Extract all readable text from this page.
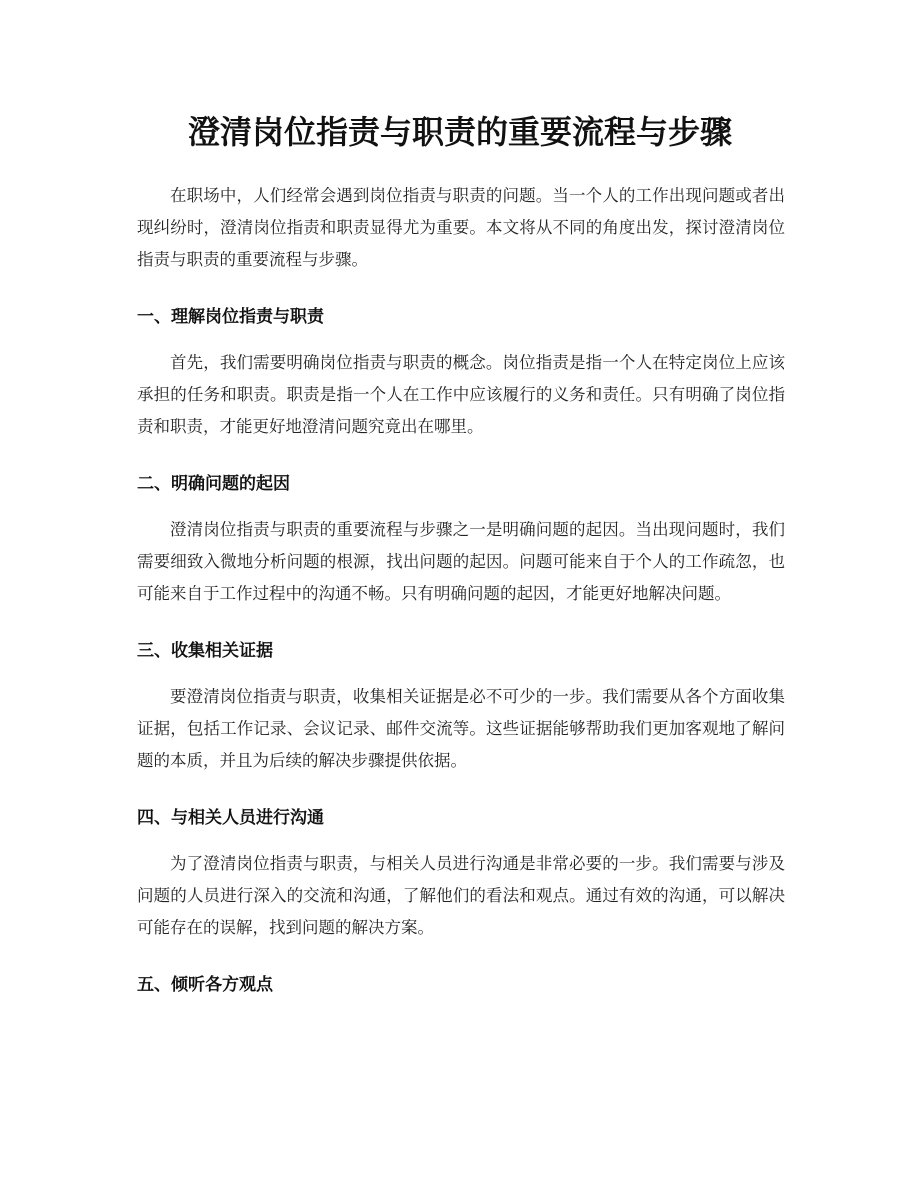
澄清岗位指责与职责的重要流程与步骤

在职场中，人们经常会遇到岗位指责与职责的问题。当一个人的工作出现问题或者出现纠纷时，澄清岗位指责和职责显得尤为重要。本文将从不同的角度出发，探讨澄清岗位指责与职责的重要流程与步骤。

一、理解岗位指责与职责

首先，我们需要明确岗位指责与职责的概念。岗位指责是指一个人在特定岗位上应该承担的任务和职责。职责是指一个人在工作中应该履行的义务和责任。只有明确了岗位指责和职责，才能更好地澄清问题究竟出在哪里。

二、明确问题的起因

澄清岗位指责与职责的重要流程与步骤之一是明确问题的起因。当出现问题时，我们需要细致入微地分析问题的根源，找出问题的起因。问题可能来自于个人的工作疏忽，也可能来自于工作过程中的沟通不畅。只有明确问题的起因，才能更好地解决问题。

三、收集相关证据

要澄清岗位指责与职责，收集相关证据是必不可少的一步。我们需要从各个方面收集证据，包括工作记录、会议记录、邮件交流等。这些证据能够帮助我们更加客观地了解问题的本质，并且为后续的解决步骤提供依据。

四、与相关人员进行沟通

为了澄清岗位指责与职责，与相关人员进行沟通是非常必要的一步。我们需要与涉及问题的人员进行深入的交流和沟通，了解他们的看法和观点。通过有效的沟通，可以解决可能存在的误解，找到问题的解决方案。

五、倾听各方观点
